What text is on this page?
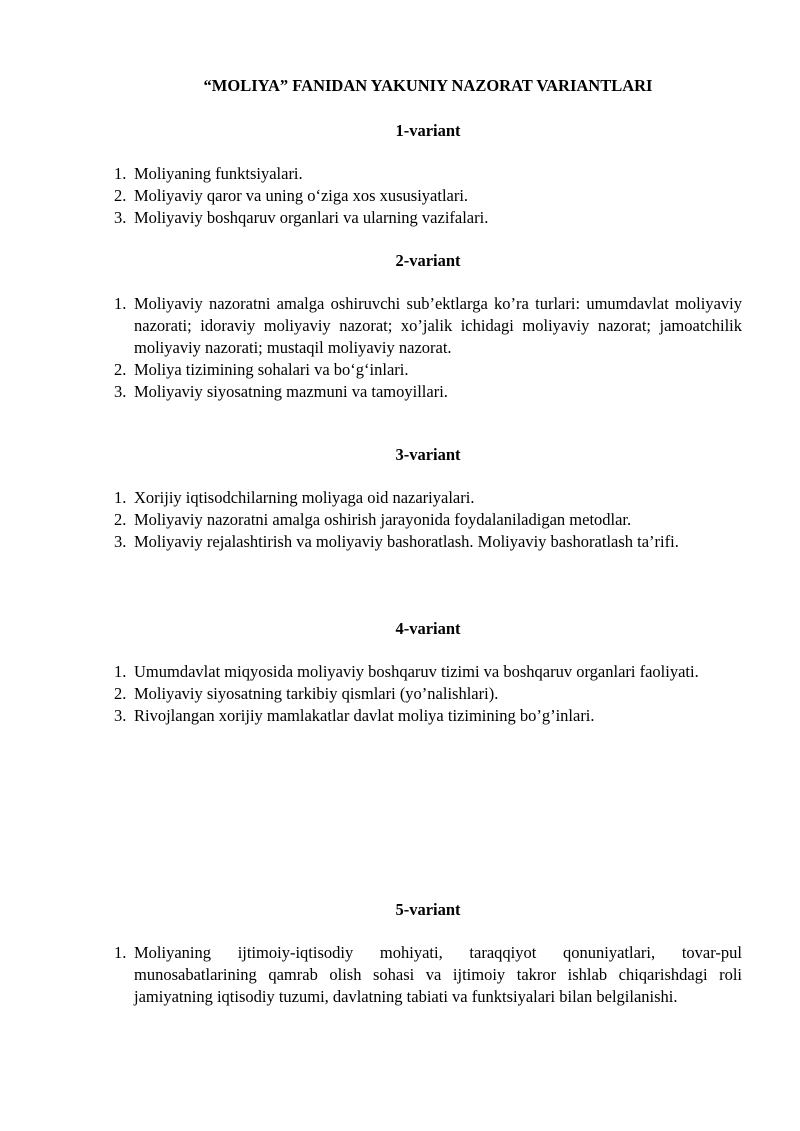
“MOLIYA” FANIDAN YAKUNIY NAZORAT VARIANTLARI
1-variant
1. Moliyaning funktsiyalari.
2. Moliyaviy qaror va uning o‘ziga xos xususiyatlari.
3. Moliyaviy boshqaruv organlari va ularning vazifalari.
2-variant
1. Moliyaviy nazoratni amalga oshiruvchi sub’ektlarga ko’ra turlari: umumdavlat moliyaviy nazorati; idoraviy moliyaviy nazorat; xo’jalik ichidagi moliyaviy nazorat; jamoatchilik moliyaviy nazorati; mustaqil moliyaviy nazorat.
2. Moliya tizimining sohalari va bo‘g‘inlari.
3. Moliyaviy siyosatning mazmuni va tamoyillari.
3-variant
1. Xorijiy iqtisodchilarning moliyaga oid nazariyalari.
2. Moliyaviy nazoratni amalga oshirish jarayonida foydalaniladigan metodlar.
3. Moliyaviy rejalashtirish va moliyaviy bashoratlash. Moliyaviy bashoratlash ta’rifi.
4-variant
1. Umumdavlat miqyosida moliyaviy boshqaruv tizimi va boshqaruv organlari faoliyati.
2. Moliyaviy siyosatning tarkibiy qismlari (yo’nalishlari).
3. Rivojlangan xorijiy mamlakatlar davlat moliya tizimining bo’g’inlari.
5-variant
1. Moliyaning ijtimoiy-iqtisodiy mohiyati, taraqqiyot qonuniyatlari, tovar-pul munosabatlarining qamrab olish sohasi va ijtimoiy takror ishlab chiqarishdagi roli jamiyatning iqtisodiy tuzumi, davlatning tabiati va funktsiyalari bilan belgilanishi.
